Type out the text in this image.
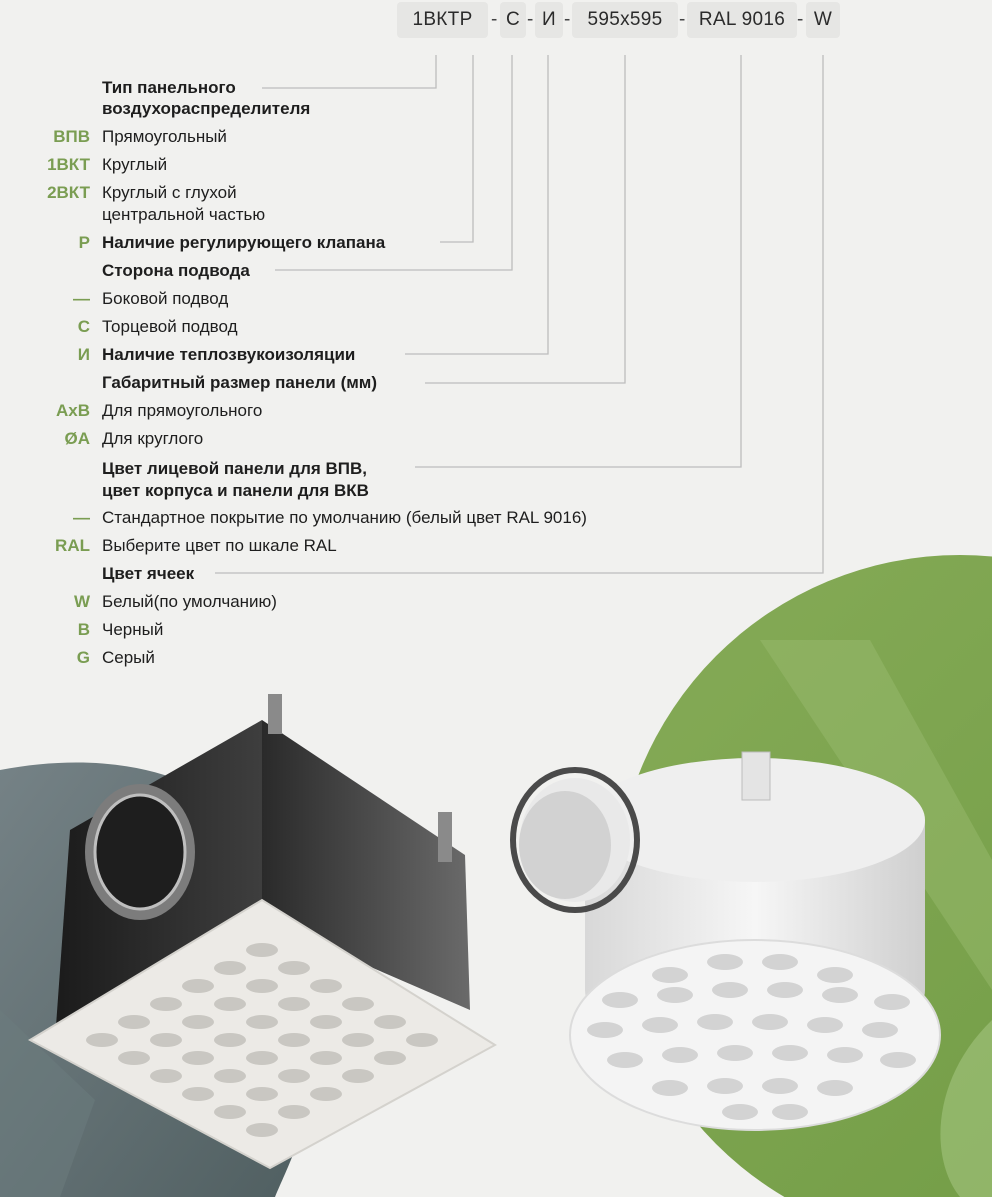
1ВКТР - С - И - 595x595 - RAL 9016 - W
Тип панельного
воздухораспределителя
ВПВ Прямоугольный
1ВКТ Круглый
2ВКТ Круглый с глухой
центральной частью
Р Наличие регулирующего клапана
Сторона подвода
— Боковой подвод
С Торцевой подвод
И Наличие теплозвукоизоляции
Габаритный размер панели (мм)
АxВ Для прямоугольного
ØА Для круглого
Цвет лицевой панели для ВПВ,
цвет корпуса и панели для ВКВ
— Стандартное покрытие по умолчанию (белый цвет RAL 9016)
RAL Выберите цвет по шкале RAL
Цвет ячеек
W Белый(по умолчанию)
В Черный
G Серый
